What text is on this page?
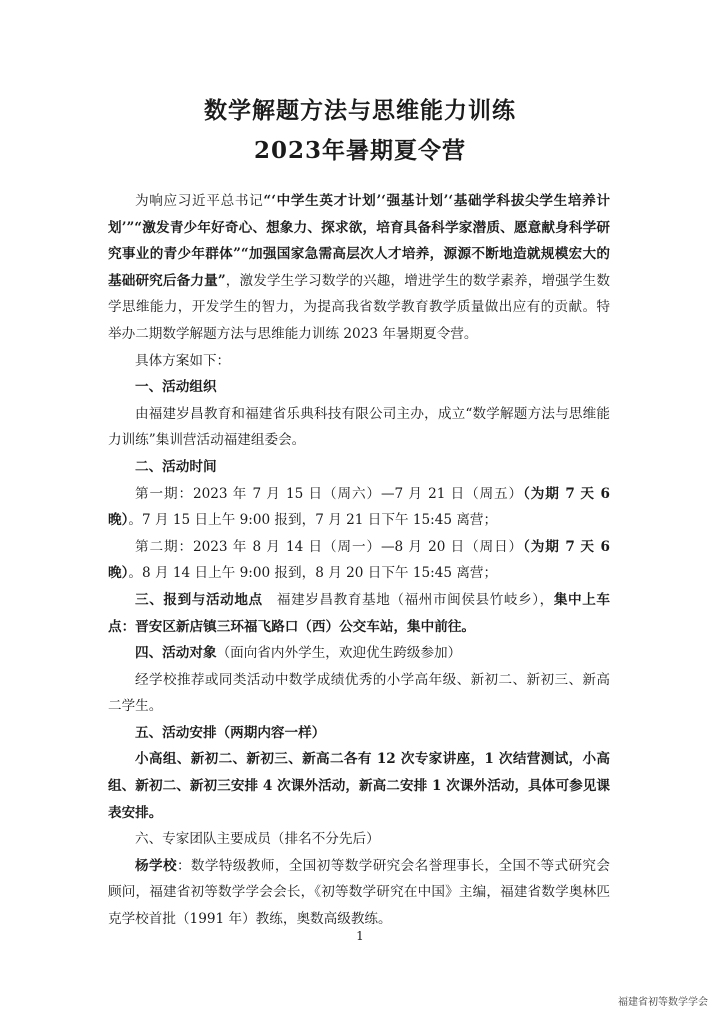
数学解题方法与思维能力训练
2023年暑期夏令营

为响应习近平总书记“‘中学生英才计划’‘强基计划’‘基础学科拔尖学生培养计划’”“激发青少年好奇心、想象力、探求欲，培育具备科学家潜质、愿意献身科学研究事业的青少年群体”“加强国家急需高层次人才培养，源源不断地造就规模宏大的基础研究后备力量”，激发学生学习数学的兴趣，增进学生的数学素养，增强学生数学思维能力，开发学生的智力，为提高我省数学教育教学质量做出应有的贡献。特举办二期数学解题方法与思维能力训练 2023 年暑期夏令营。

具体方案如下：

一、活动组织

由福建岁昌教育和福建省乐典科技有限公司主办，成立“数学解题方法与思维能力训练”集训营活动福建组委会。

二、活动时间

第一期：2023 年 7 月 15 日（周六）—7 月 21 日（周五）（为期 7 天 6 晚）。7 月 15 日上午 9:00 报到，7 月 21 日下午 15:45 离营；

第二期：2023 年 8 月 14 日（周一）—8 月 20 日（周日）（为期 7 天 6 晚）。8 月 14 日上午 9:00 报到，8 月 20 日下午 15:45 离营；

三、报到与活动地点　福建岁昌教育基地（福州市闽侯县竹岐乡），集中上车点：晋安区新店镇三环福飞路口（西）公交车站，集中前往。

四、活动对象（面向省内外学生，欢迎优生跨级参加）

经学校推荐或同类活动中数学成绩优秀的小学高年级、新初二、新初三、新高二学生。

五、活动安排（两期内容一样）

小高组、新初二、新初三、新高二各有 12 次专家讲座，1 次结营测试，小高组、新初二、新初三安排 4 次课外活动，新高二安排 1 次课外活动，具体可参见课表安排。

六、专家团队主要成员（排名不分先后）

杨学校：数学特级教师，全国初等数学研究会名誉理事长，全国不等式研究会顾问，福建省初等数学学会会长，《初等数学研究在中国》主编，福建省数学奥林匹克学校首批（1991 年）教练，奥数高级教练。

1
福建省初等数学学会
